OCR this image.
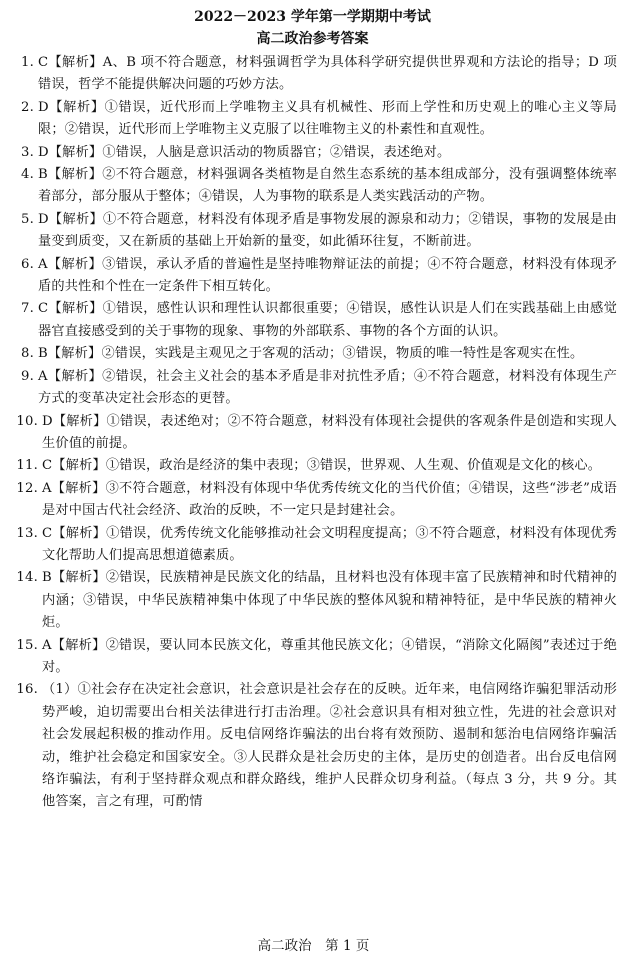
2022－2023 学年第一学期期中考试
高二政治参考答案
1. C【解析】A、B 项不符合题意，材料强调哲学为具体科学研究提供世界观和方法论的指导；D 项错误，哲学不能提供解决问题的巧妙方法。
2. D【解析】①错误，近代形而上学唯物主义具有机械性、形而上学性和历史观上的唯心主义等局限；②错误，近代形而上学唯物主义克服了以往唯物主义的朴素性和直观性。
3. D【解析】①错误，人脑是意识活动的物质器官；②错误，表述绝对。
4. B【解析】②不符合题意，材料强调各类植物是自然生态系统的基本组成部分，没有强调整体统率着部分，部分服从于整体；④错误，人为事物的联系是人类实践活动的产物。
5. D【解析】①不符合题意，材料没有体现矛盾是事物发展的源泉和动力；②错误，事物的发展是由量变到质变，又在新质的基础上开始新的量变，如此循环往复，不断前进。
6. A【解析】③错误，承认矛盾的普遍性是坚持唯物辩证法的前提；④不符合题意，材料没有体现矛盾的共性和个性在一定条件下相互转化。
7. C【解析】①错误，感性认识和理性认识都很重要；④错误，感性认识是人们在实践基础上由感觉器官直接感受到的关于事物的现象、事物的外部联系、事物的各个方面的认识。
8. B【解析】②错误，实践是主观见之于客观的活动；③错误，物质的唯一特性是客观实在性。
9. A【解析】②错误，社会主义社会的基本矛盾是非对抗性矛盾；④不符合题意，材料没有体现生产方式的变革决定社会形态的更替。
10. D【解析】①错误，表述绝对；②不符合题意，材料没有体现社会提供的客观条件是创造和实现人生价值的前提。
11. C【解析】①错误，政治是经济的集中表现；③错误，世界观、人生观、价值观是文化的核心。
12. A【解析】③不符合题意，材料没有体现中华优秀传统文化的当代价值；④错误，这些“涉老”成语是对中国古代社会经济、政治的反映，不一定只是封建社会。
13. C【解析】①错误，优秀传统文化能够推动社会文明程度提高；③不符合题意，材料没有体现优秀文化帮助人们提高思想道德素质。
14. B【解析】②错误，民族精神是民族文化的结晶，且材料也没有体现丰富了民族精神和时代精神的内涵；③错误，中华民族精神集中体现了中华民族的整体风貌和精神特征，是中华民族的精神火炬。
15. A【解析】②错误，要认同本民族文化，尊重其他民族文化；④错误，“消除文化隔阂”表述过于绝对。
16. （1）①社会存在决定社会意识，社会意识是社会存在的反映。近年来，电信网络诈骗犯罪活动形势严峻，迫切需要出台相关法律进行打击治理。②社会意识具有相对独立性，先进的社会意识对社会发展起积极的推动作用。反电信网络诈骗法的出台将有效预防、遏制和惩治电信网络诈骗活动，维护社会稳定和国家安全。③人民群众是社会历史的主体，是历史的创造者。出台反电信网络诈骗法，有利于坚持群众观点和群众路线，维护人民群众切身利益。（每点 3 分，共 9 分。其他答案，言之有理，可酌情
高二政治　第 1 页
